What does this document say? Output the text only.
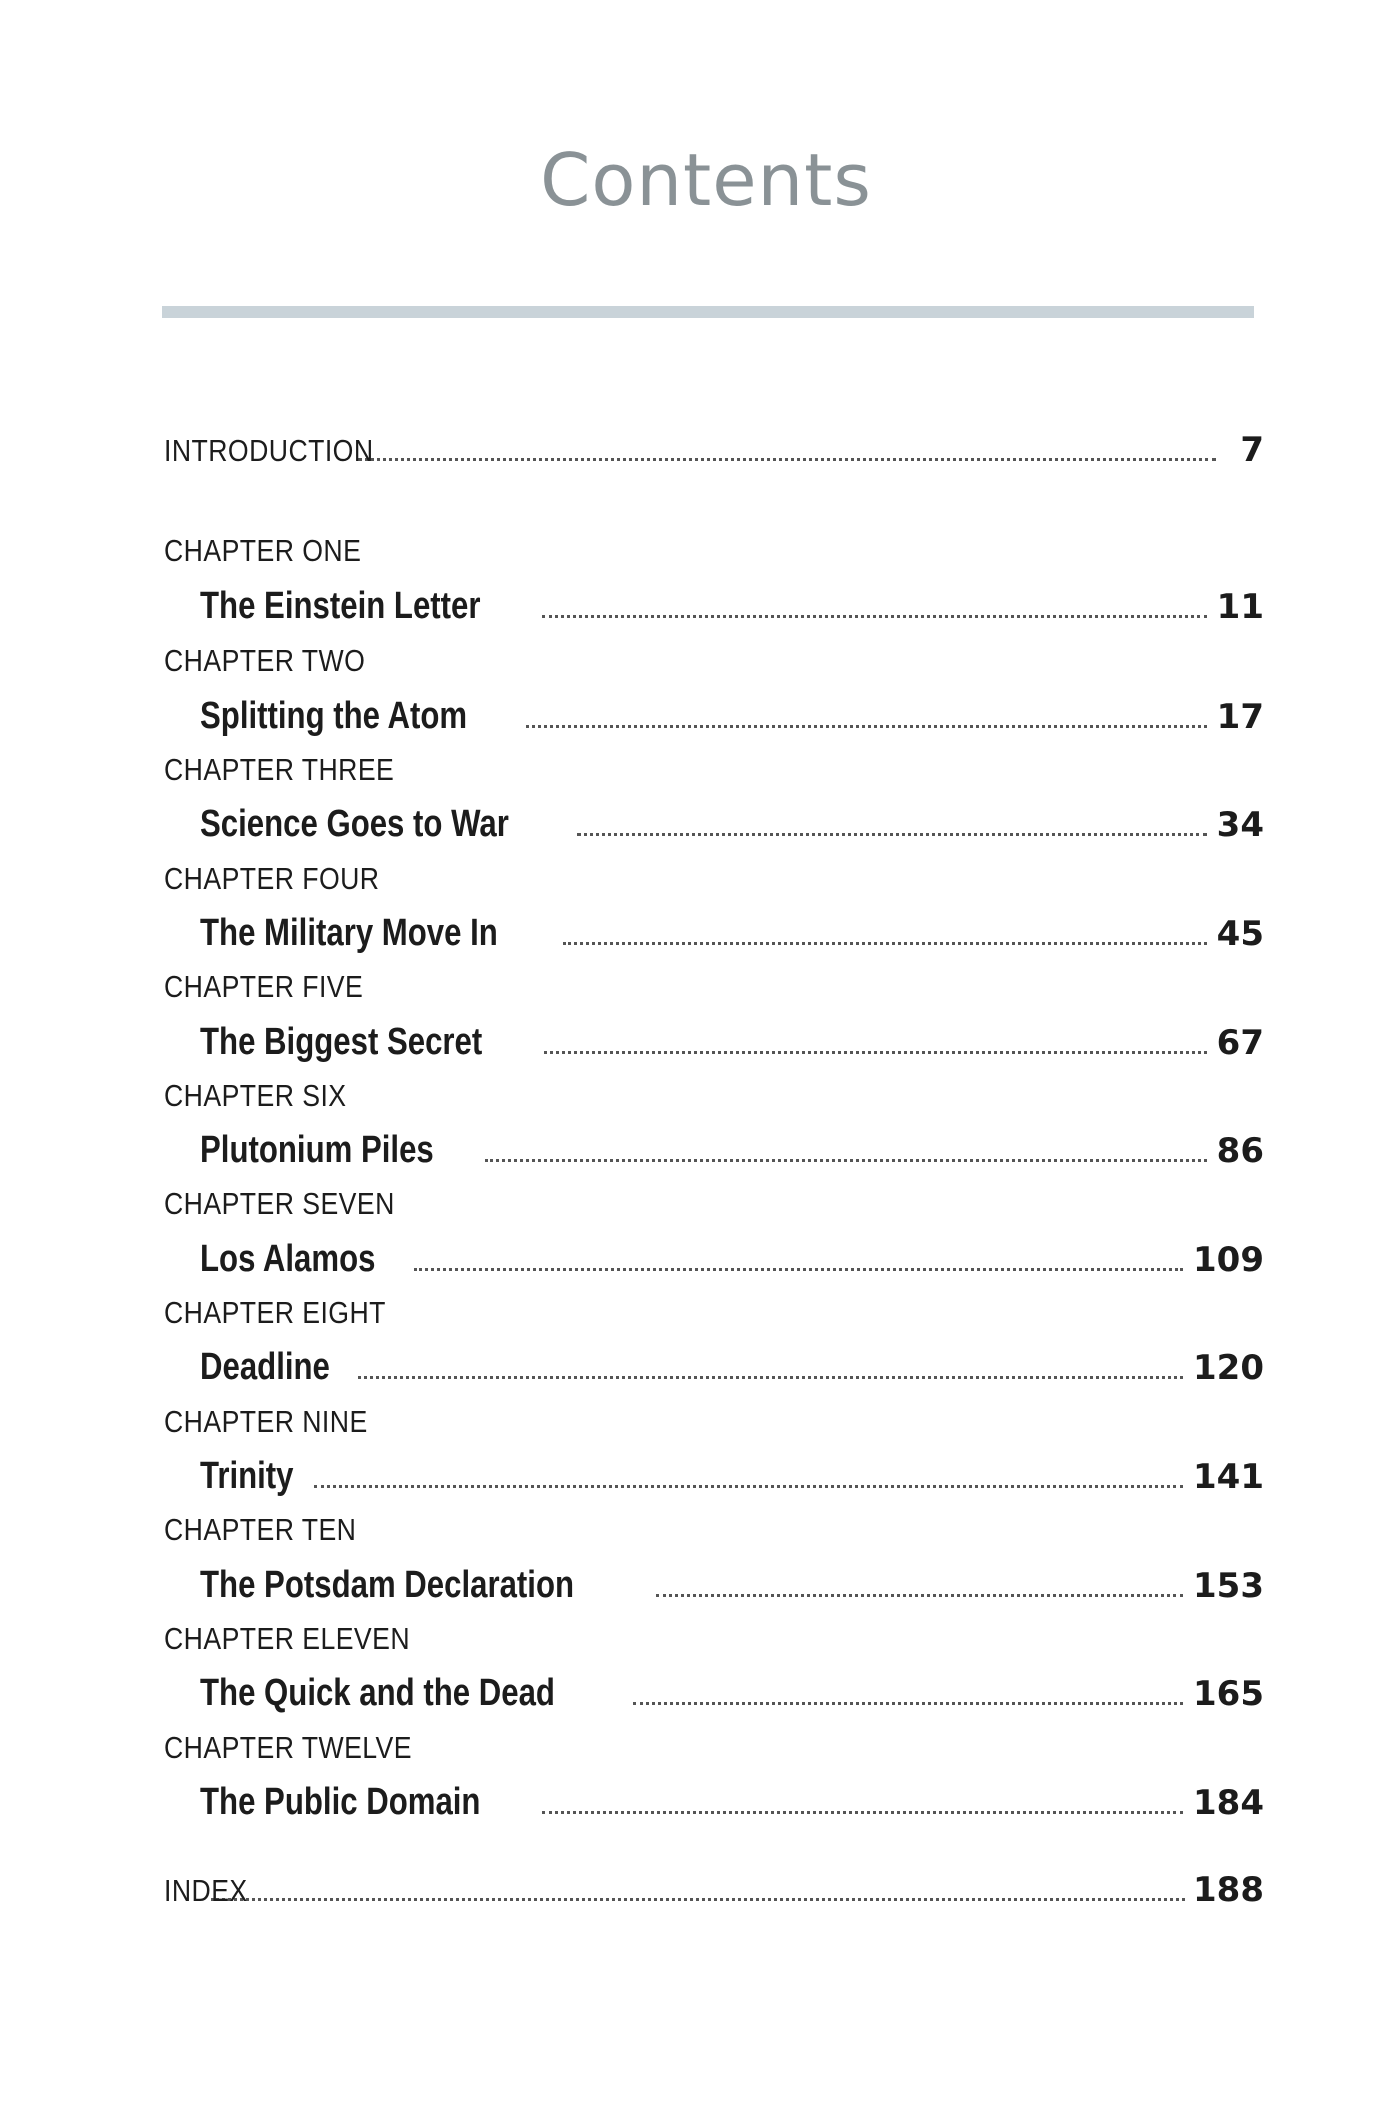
Contents
INTRODUCTION	7
CHAPTER ONE
The Einstein Letter	11
CHAPTER TWO
Splitting the Atom	17
CHAPTER THREE
Science Goes to War	34
CHAPTER FOUR
The Military Move In	45
CHAPTER FIVE
The Biggest Secret	67
CHAPTER SIX
Plutonium Piles	86
CHAPTER SEVEN
Los Alamos	109
CHAPTER EIGHT
Deadline	120
CHAPTER NINE
Trinity	141
CHAPTER TEN
The Potsdam Declaration	153
CHAPTER ELEVEN
The Quick and the Dead	165
CHAPTER TWELVE
The Public Domain	184
INDEX	188
